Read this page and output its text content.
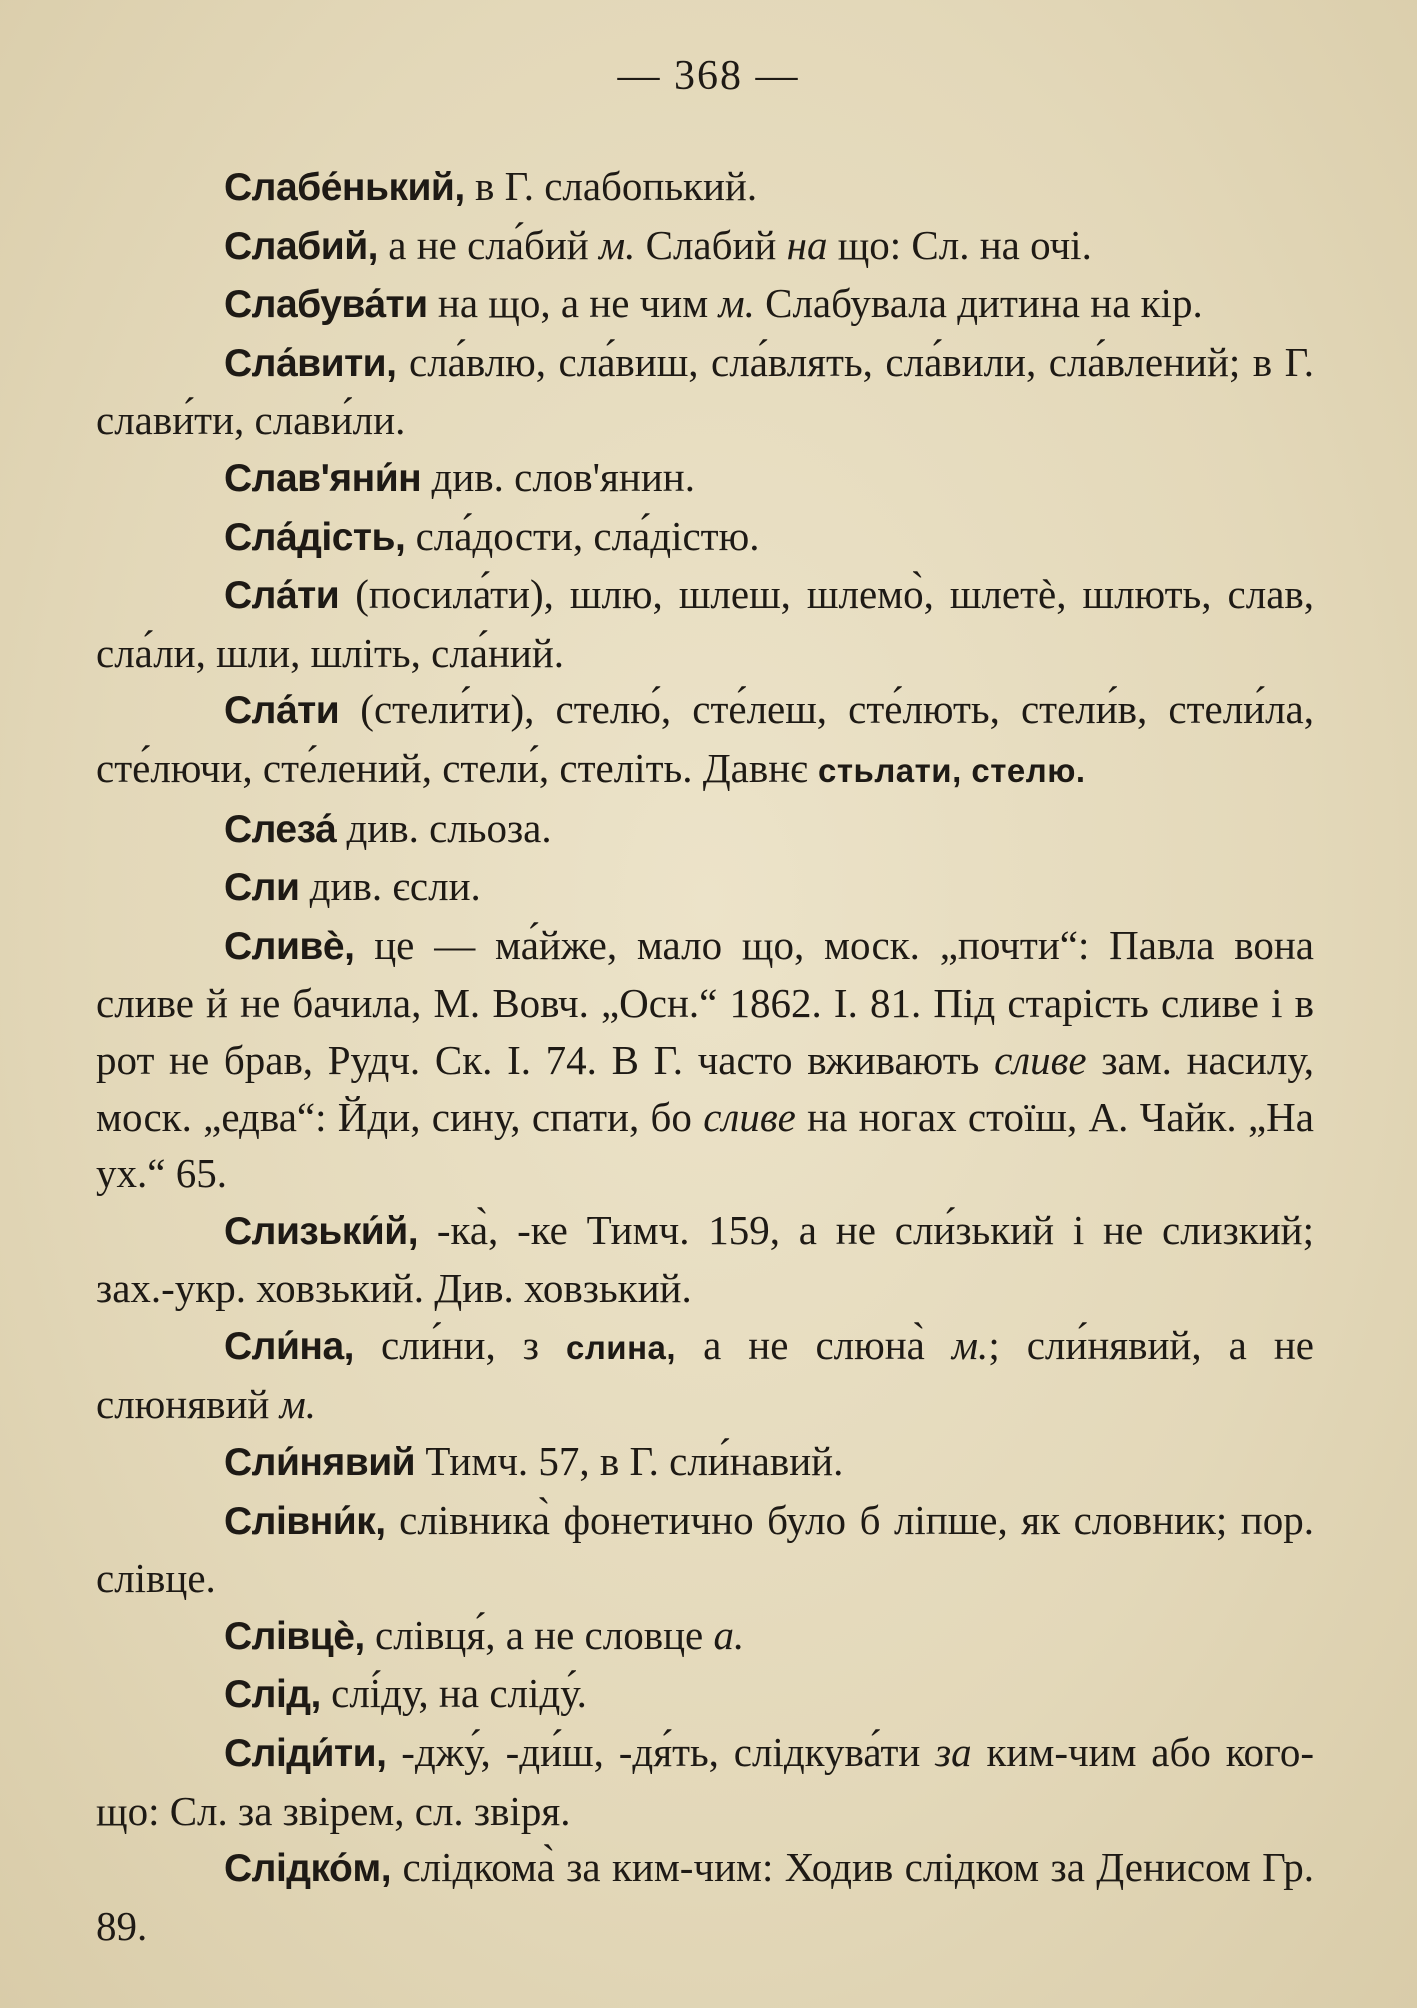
— 368 —

Слабе́нький, в Г. слабопький.

Слабий, а не сла́бий м. Слабий на що: Сл. на очі.

Слабува́ти на що, а не чим м. Слабувала дитина на кір.

Сла́вити, сла́влю, сла́виш, сла́влять, сла́вили, сла́влений; в Г. слави́ти, слави́ли.

Слав'яни́н див. слов'янин.

Сла́дість, сла́дости, сла́дістю.

Сла́ти (посила́ти), шлю, шлеш, шлемо̀, шлетѐ, шлють, слав, сла́ли, шли, шліть, сла́ний.

Сла́ти (стели́ти), стелю́, сте́леш, сте́лють, стели́в, стели́ла, сте́лючи, сте́лений, стели́, стеліть. Давнє стьлати, стелю.

Слеза́ див. сльоза.

Сли див. єсли.

Сливѐ, це — ма́йже, мало що, моск. „почти“: Павла вона сливе й не бачила, М. Вовч. „Осн.“ 1862. I. 81. Під старість сливе і в рот не брав, Рудч. Ск. I. 74. В Г. часто вживають сливе зам. насилу, моск. „едва“: Йди, сину, спати, бо сливе на ногах стоїш, А. Чайк. „На ух.“ 65.

Слизьки́й, -ка̀, -ке Тимч. 159, а не сли́зький і не слизкий; зах.-укр. ховзький. Див. ховзький.

Сли́на, сли́ни, з слина, а не слюна̀ м.; сли́нявий, а не слюнявий м.

Сли́нявий Тимч. 57, в Г. сли́навий.

Слівни́к, слівника̀ фонетично було б ліпше, як словник; пор. слівце.

Слівцѐ, слівця́, а не словце а.

Слід, слі́ду, на сліду́.

Сліди́ти, -джу́, -ди́ш, -дя́ть, слідкува́ти за ким-чим або кого-що: Сл. за звірем, сл. звіря.

Слідко́м, слідкома̀ за ким-чим: Ходив слідком за Денисом Гр. 89.
